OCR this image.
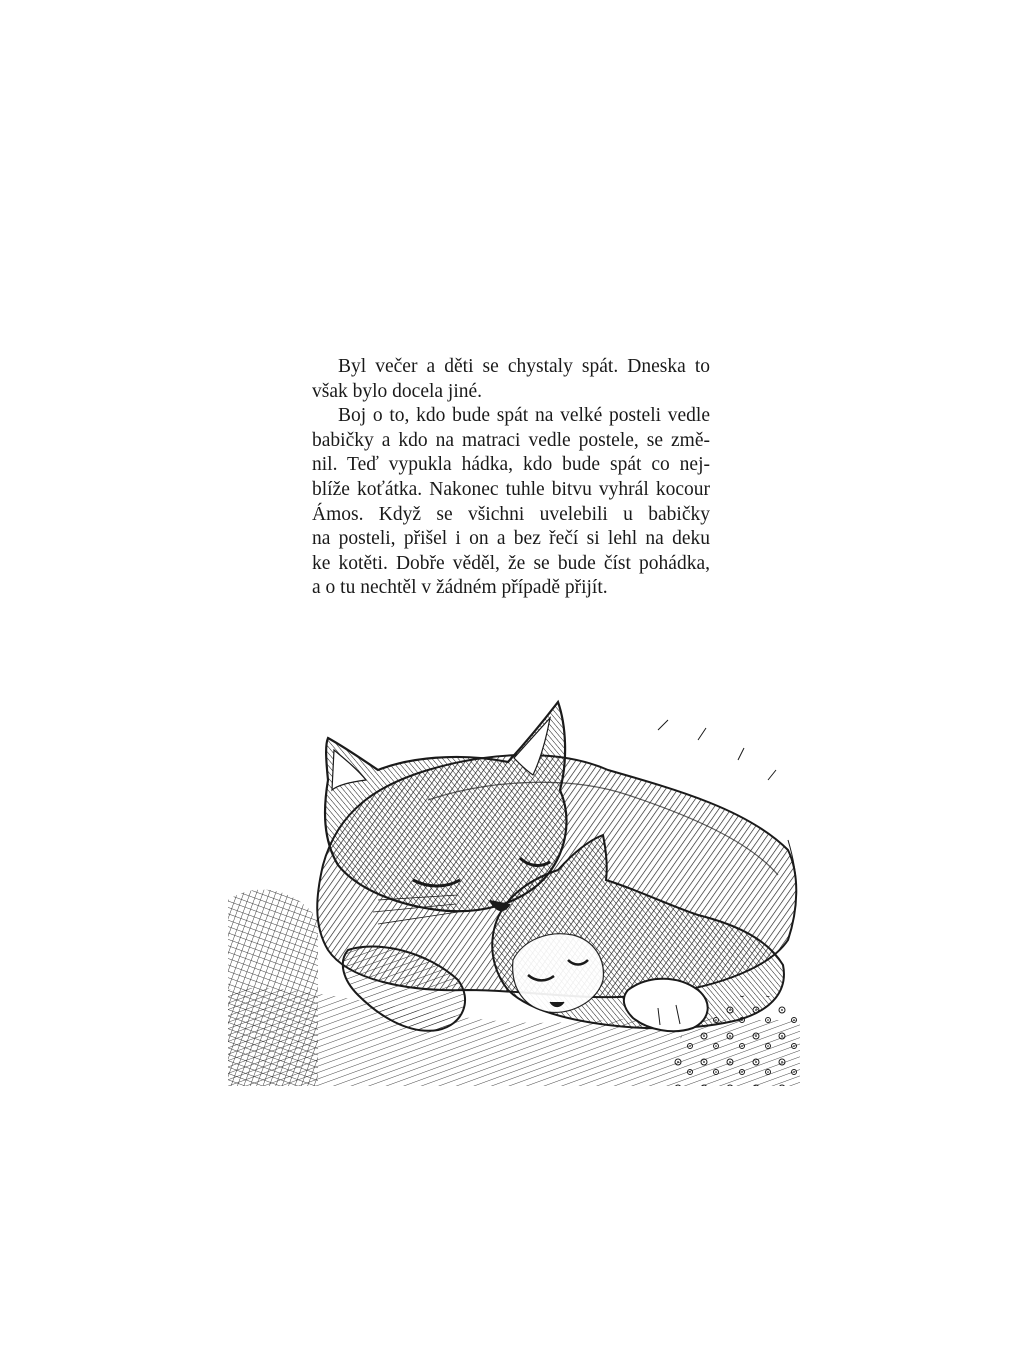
Byl večer a děti se chystaly spát. Dneska to
však bylo docela jiné.
Boj o to, kdo bude spát na velké posteli vedle
babičky a kdo na matraci vedle postele, se změ-
nil. Teď vypukla hádka, kdo bude spát co nej-
blíže koťátka. Nakonec tuhle bitvu vyhrál kocour
Ámos. Když se všichni uvelebili u babičky
na posteli, přišel i on a bez řečí si lehl na deku
ke kotěti. Dobře věděl, že se bude číst pohádka,
a o tu nechtěl v žádném případě přijít.
